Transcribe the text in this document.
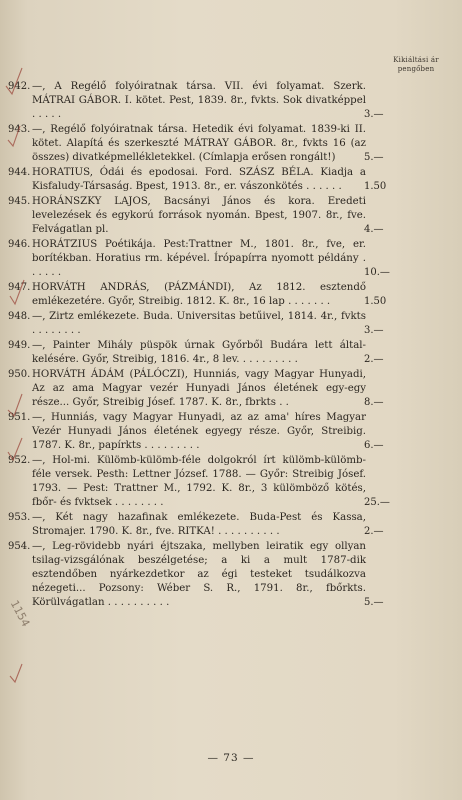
Kikiáltási ár pengőben
942. —, A Regélő folyóiratnak társa. VII. évi folyamat. Szerk. MÁTRAI GÁBOR. I. kötet. Pest, 1839. 8r., fvkts. Sok divatképpel . . . . .	3.—
943. —, Regélő folyóiratnak társa. Hetedik évi folyamat. 1839-ki II. kötet. Alapítá és szerkeszté MÁTRAY GÁBOR. 8r., fvkts 16 (az összes) divatképmellékletekkel. (Címlapja erősen rongált!)	5.—
944. HORATIUS, Ódái és epodosai. Ford. SZÁSZ BÉLA. Kiadja a Kisfaludy-Társaság. Bpest, 1913. 8r., er. vászonkötés . . . . . . 1.50
945. HORÁNSZKY LAJOS, Bacsányi János és kora. Eredeti levelezések és egykorú források nyomán. Bpest, 1907. 8r., fve. Felvágatlan pl.	4.—
946. HORÁTZIUS Poétikája. Pest:Trattner M., 1801. 8r., fve, er. borítékban. Horatius rm. képével. Írópapírra nyomott példány . . . . . .	10.—
947. HORVÁTH ANDRÁS, (PÁZMÁNDI), Az 1812. esztendő emlékezetére. Győr, Streibig. 1812. K. 8r., 16 lap . . . . . . .	1.50
948. —, Zirtz emlékezete. Buda. Universitas betűivel, 1814. 4r., fvkts . . . . . . . .	3.—
949. —, Painter Mihály püspök úrnak Győrből Budára lett által-kelésére. Győr, Streibig, 1816. 4r., 8 lev. . . . . . . . . .	2.—
950. HORVÁTH ÁDÁM (PÁLÓCZI), Hunniás, vagy Magyar Hunyadi, Az az ama Magyar vezér Hunyadi János életének egy-egy része... Győr, Streibig Jósef. 1787. K. 8r., fbrkts . .	8.—
951. —, Hunniás, vagy Magyar Hunyadi, az az ama' híres Magyar Vezér Hunyadi János életének egyegy része. Győr, Streibig. 1787. K. 8r., papírkts . . . . . . . . .	6.—
952. —, Hol-mi. Külömb-külömb-féle dolgokról írt külömb-külömb-féle versek. Pesth: Lettner József. 1788. — Győr: Streibig Jósef. 1793. — Pest: Trattner M., 1792. K. 8r., 3 külömböző kötés, fbőr- és fvktsek . . . . . . . .	25.—
953. —, Két nagy hazafinak emlékezete. Buda-Pest és Kassa, Stromajer. 1790. K. 8r., fve. RITKA! . . . . . . . . . .	2.—
954. —, Leg-rövidebb nyári éjtszaka, mellyben leiratik egy ollyan tsilag-vizsgálónak beszélgetése; a ki a mult 1787-dik esztendőben nyárkezdetkor az égi testeket tsudálkozva nézegeti... Pozsony: Wéber S. R., 1791. 8r., fbőrkts. Körülvágatlan . . . . . . . . . .	5.—
1154
— 73 —
